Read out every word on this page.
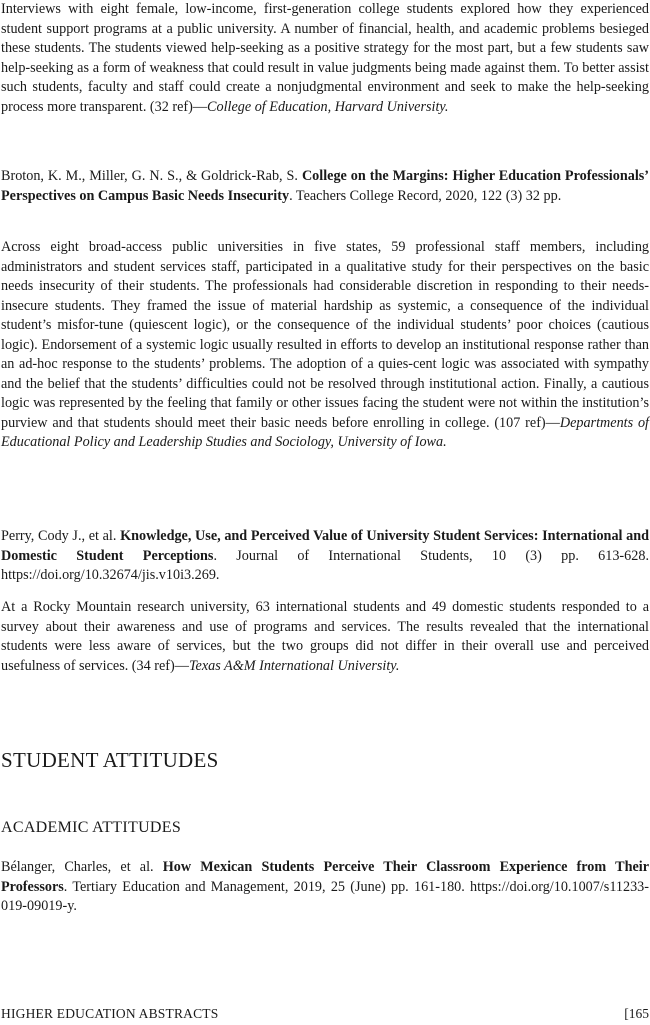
Interviews with eight female, low-income, first-generation college students explored how they experienced student support programs at a public university. A number of financial, health, and academic problems besieged these students. The students viewed help-seeking as a positive strategy for the most part, but a few students saw help-seeking as a form of weakness that could result in value judgments being made against them. To better assist such students, faculty and staff could create a nonjudgmental environment and seek to make the help-seeking process more transparent. (32 ref)—College of Education, Harvard University.

Broton, K. M., Miller, G. N. S., & Goldrick-Rab, S. College on the Margins: Higher Education Professionals’ Perspectives on Campus Basic Needs Insecurity. Teachers College Record, 2020, 122 (3) 32 pp.

Across eight broad-access public universities in five states, 59 professional staff members, including administrators and student services staff, participated in a qualitative study for their perspectives on the basic needs insecurity of their students. The professionals had considerable discretion in responding to their needs-insecure students. They framed the issue of material hardship as systemic, a consequence of the individual student’s misfor-tune (quiescent logic), or the consequence of the individual students’ poor choices (cautious logic). Endorsement of a systemic logic usually resulted in efforts to develop an institutional response rather than an ad-hoc response to the students’ problems. The adoption of a quies-cent logic was associated with sympathy and the belief that the students’ difficulties could not be resolved through institutional action. Finally, a cautious logic was represented by the feeling that family or other issues facing the student were not within the institution’s purview and that students should meet their basic needs before enrolling in college. (107 ref)—Departments of Educational Policy and Leadership Studies and Sociology, University of Iowa.

Perry, Cody J., et al. Knowledge, Use, and Perceived Value of University Student Services: International and Domestic Student Perceptions. Journal of International Students, 10 (3) pp. 613-628. https://doi.org/10.32674/jis.v10i3.269.

At a Rocky Mountain research university, 63 international students and 49 domestic students responded to a survey about their awareness and use of programs and services. The results revealed that the international students were less aware of services, but the two groups did not differ in their overall use and perceived usefulness of services. (34 ref)—Texas A&M International University.

STUDENT ATTITUDES
ACADEMIC ATTITUDES

Bélanger, Charles, et al. How Mexican Students Perceive Their Classroom Experience from Their Professors. Tertiary Education and Management, 2019, 25 (June) pp. 161-180. https://doi.org/10.1007/s11233-019-09019-y.

HIGHER EDUCATION ABSTRACTS	[165
